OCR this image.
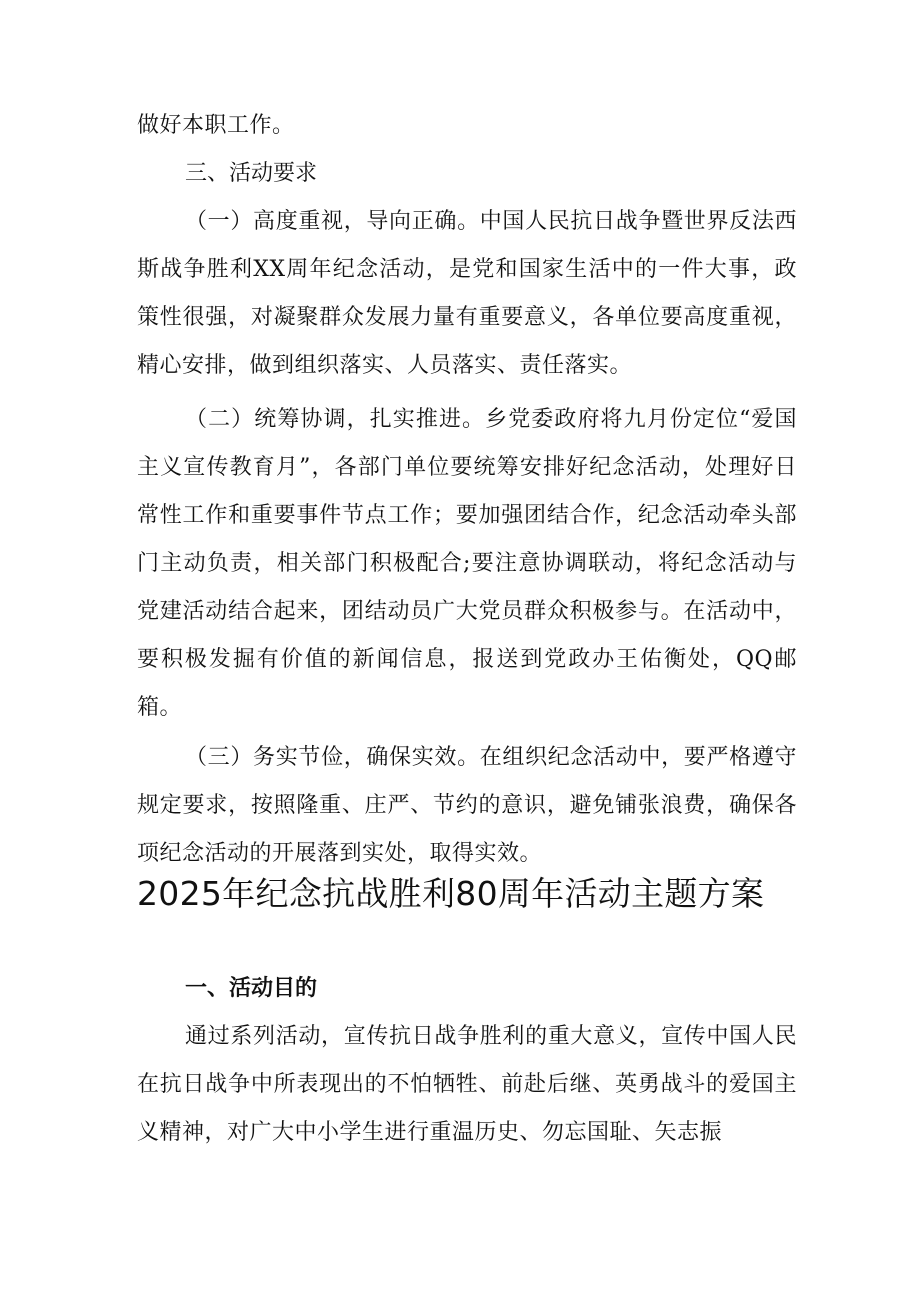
做好本职工作。

三、活动要求

（一）高度重视，导向正确。中国人民抗日战争暨世界反法西斯战争胜利XX周年纪念活动，是党和国家生活中的一件大事，政策性很强，对凝聚群众发展力量有重要意义，各单位要高度重视，精心安排，做到组织落实、人员落实、责任落实。

（二）统筹协调，扎实推进。乡党委政府将九月份定位“爱国主义宣传教育月”，各部门单位要统筹安排好纪念活动，处理好日常性工作和重要事件节点工作；要加强团结合作，纪念活动牵头部门主动负责，相关部门积极配合;要注意协调联动，将纪念活动与党建活动结合起来，团结动员广大党员群众积极参与。在活动中，要积极发掘有价值的新闻信息，报送到党政办王佑衡处，QQ邮箱。

（三）务实节俭，确保实效。在组织纪念活动中，要严格遵守规定要求，按照隆重、庄严、节约的意识，避免铺张浪费，确保各项纪念活动的开展落到实处，取得实效。

2025年纪念抗战胜利80周年活动主题方案

一、活动目的

通过系列活动，宣传抗日战争胜利的重大意义，宣传中国人民在抗日战争中所表现出的不怕牺牲、前赴后继、英勇战斗的爱国主义精神，对广大中小学生进行重温历史、勿忘国耻、矢志振
